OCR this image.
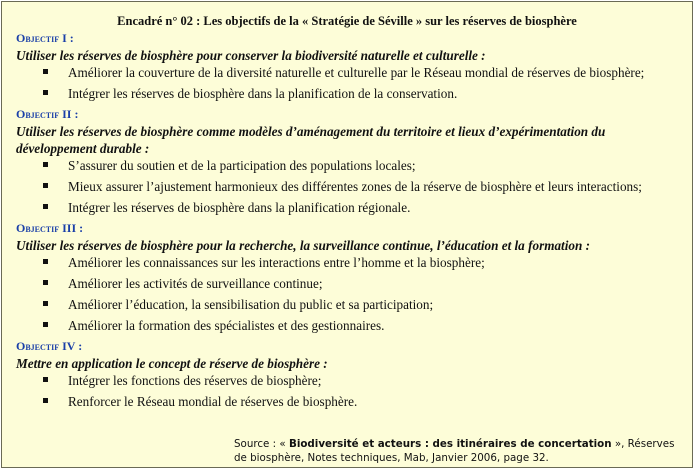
Encadré n° 02 : Les objectifs de la « Stratégie de Séville » sur les réserves de biosphère
Objectif I :
Utiliser les réserves de biosphère pour conserver la biodiversité naturelle et culturelle :
Améliorer la couverture de la diversité naturelle et culturelle par le Réseau mondial de réserves de biosphère;
Intégrer les réserves de biosphère dans la planification de la conservation.
Objectif II :
Utiliser les réserves de biosphère comme modèles d’aménagement du territoire et lieux d’expérimentation du développement durable :
S’assurer du soutien et de la participation des populations locales;
Mieux assurer l’ajustement harmonieux des différentes zones de la réserve de biosphère et leurs interactions;
Intégrer les réserves de biosphère dans la planification régionale.
Objectif III :
Utiliser les réserves de biosphère pour la recherche, la surveillance continue, l’éducation et la formation :
Améliorer les connaissances sur les interactions entre l’homme et la biosphère;
Améliorer les activités de surveillance continue;
Améliorer l’éducation, la sensibilisation du public et sa participation;
Améliorer la formation des spécialistes et des gestionnaires.
Objectif IV :
Mettre en application le concept de réserve de biosphère :
Intégrer les fonctions des réserves de biosphère;
Renforcer le Réseau mondial de réserves de biosphère.
Source : « Biodiversité et acteurs : des itinéraires de concertation », Réserves de biosphère, Notes techniques, Mab, Janvier 2006, page 32.
